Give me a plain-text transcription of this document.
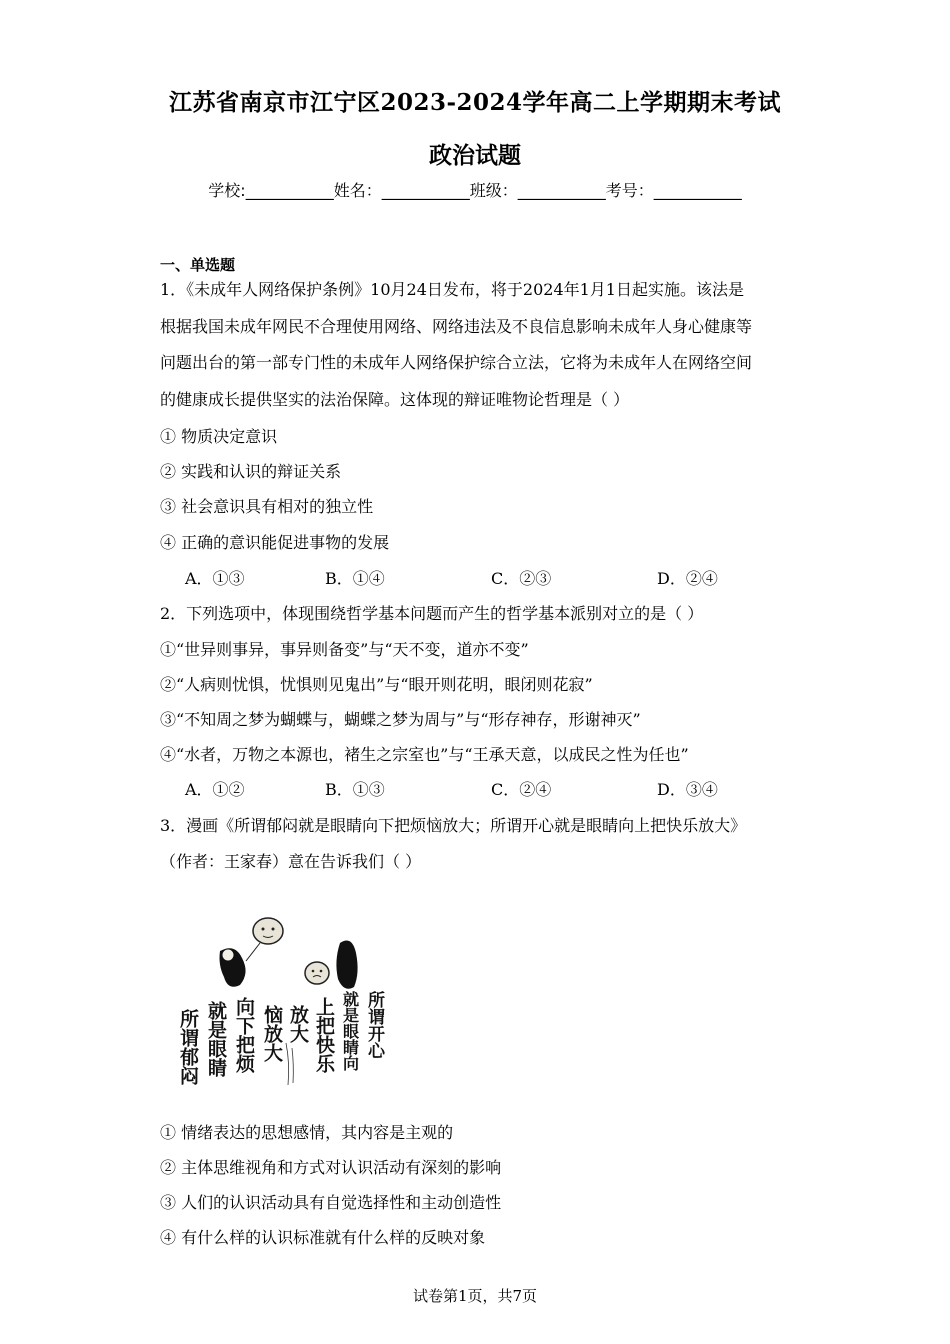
江苏省南京市江宁区2023-2024学年高二上学期期末考试
政治试题
学校:___________姓名：___________班级：___________考号：___________
一、单选题
1．《未成年人网络保护条例》10月24日发布，将于2024年1月1日起实施。该法是
根据我国未成年网民不合理使用网络、网络违法及不良信息影响未成年人身心健康等
问题出台的第一部专门性的未成年人网络保护综合立法，它将为未成年人在网络空间
的健康成长提供坚实的法治保障。这体现的辩证唯物论哲理是（ ）
① 物质决定意识
② 实践和认识的辩证关系
③ 社会意识具有相对的独立性
④ 正确的意识能促进事物的发展
A．①③	B．①④	C．②③	D．②④
2．下列选项中，体现围绕哲学基本问题而产生的哲学基本派别对立的是（ ）
①“世异则事异，事异则备变”与“天不变，道亦不变”
②“人病则忧惧，忧惧则见鬼出”与“眼开则花明，眼闭则花寂”
③“不知周之梦为蝴蝶与，蝴蝶之梦为周与”与“形存神存，形谢神灭”
④“水者，万物之本源也，褚生之宗室也”与“王承天意，以成民之性为任也”
A．①②	B．①③	C．②④	D．③④
3．漫画《所谓郁闷就是眼睛向下把烦恼放大；所谓开心就是眼睛向上把快乐放大》
（作者：王家春）意在告诉我们（ ）
所谓郁闷 就是眼睛 向下把烦 恼放大 放大 上把快乐 就是眼睛向 所谓开心
① 情绪表达的思想感情，其内容是主观的
② 主体思维视角和方式对认识活动有深刻的影响
③ 人们的认识活动具有自觉选择性和主动创造性
④ 有什么样的认识标准就有什么样的反映对象
试卷第1页，共7页
